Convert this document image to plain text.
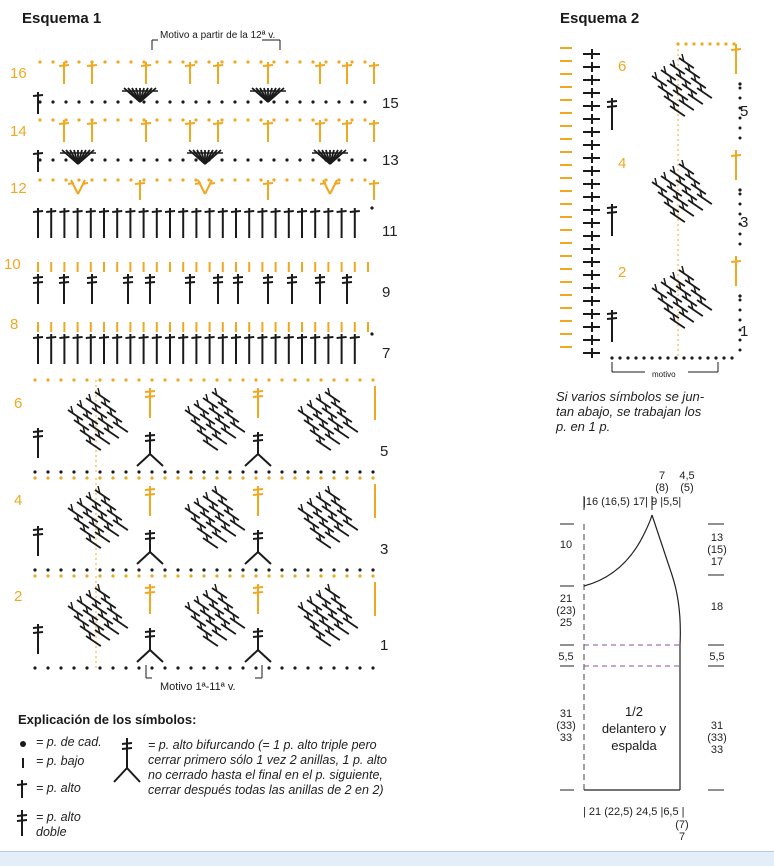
Esquema 1
Motivo a partir de la 12ª v.
15
13
11
9
7
5
3
1
16
14
12
10
8
6
4
2
Motivo 1ª-11ª v.
Explicación de los símbolos:
= p. de cad.
= p. bajo
= p. alto
= p. alto
doble
= p. alto bifurcando (= 1 p. alto triple pero
cerrar primero sólo 1 vez 2 anillas, 1 p. alto
no cerrado hasta el final en el p. siguiente,
cerrar después todas las anillas de 2 en 2)
Esquema 2
5
3
1
6
4
2
motivo
Si varios símbolos se jun-
tan abajo, se trabajan los
p. en 1 p.
|16 (16,5) 17| 9 |5,5|
7
(8)
4,5
(5)
10
21
(23)
25
5,5
31
(33)
33
13
(15)
17
18
5,5
31
(33)
33
1/2
delantero y
espalda
| 21 (22,5) 24,5 |6,5 |
(7)
7
